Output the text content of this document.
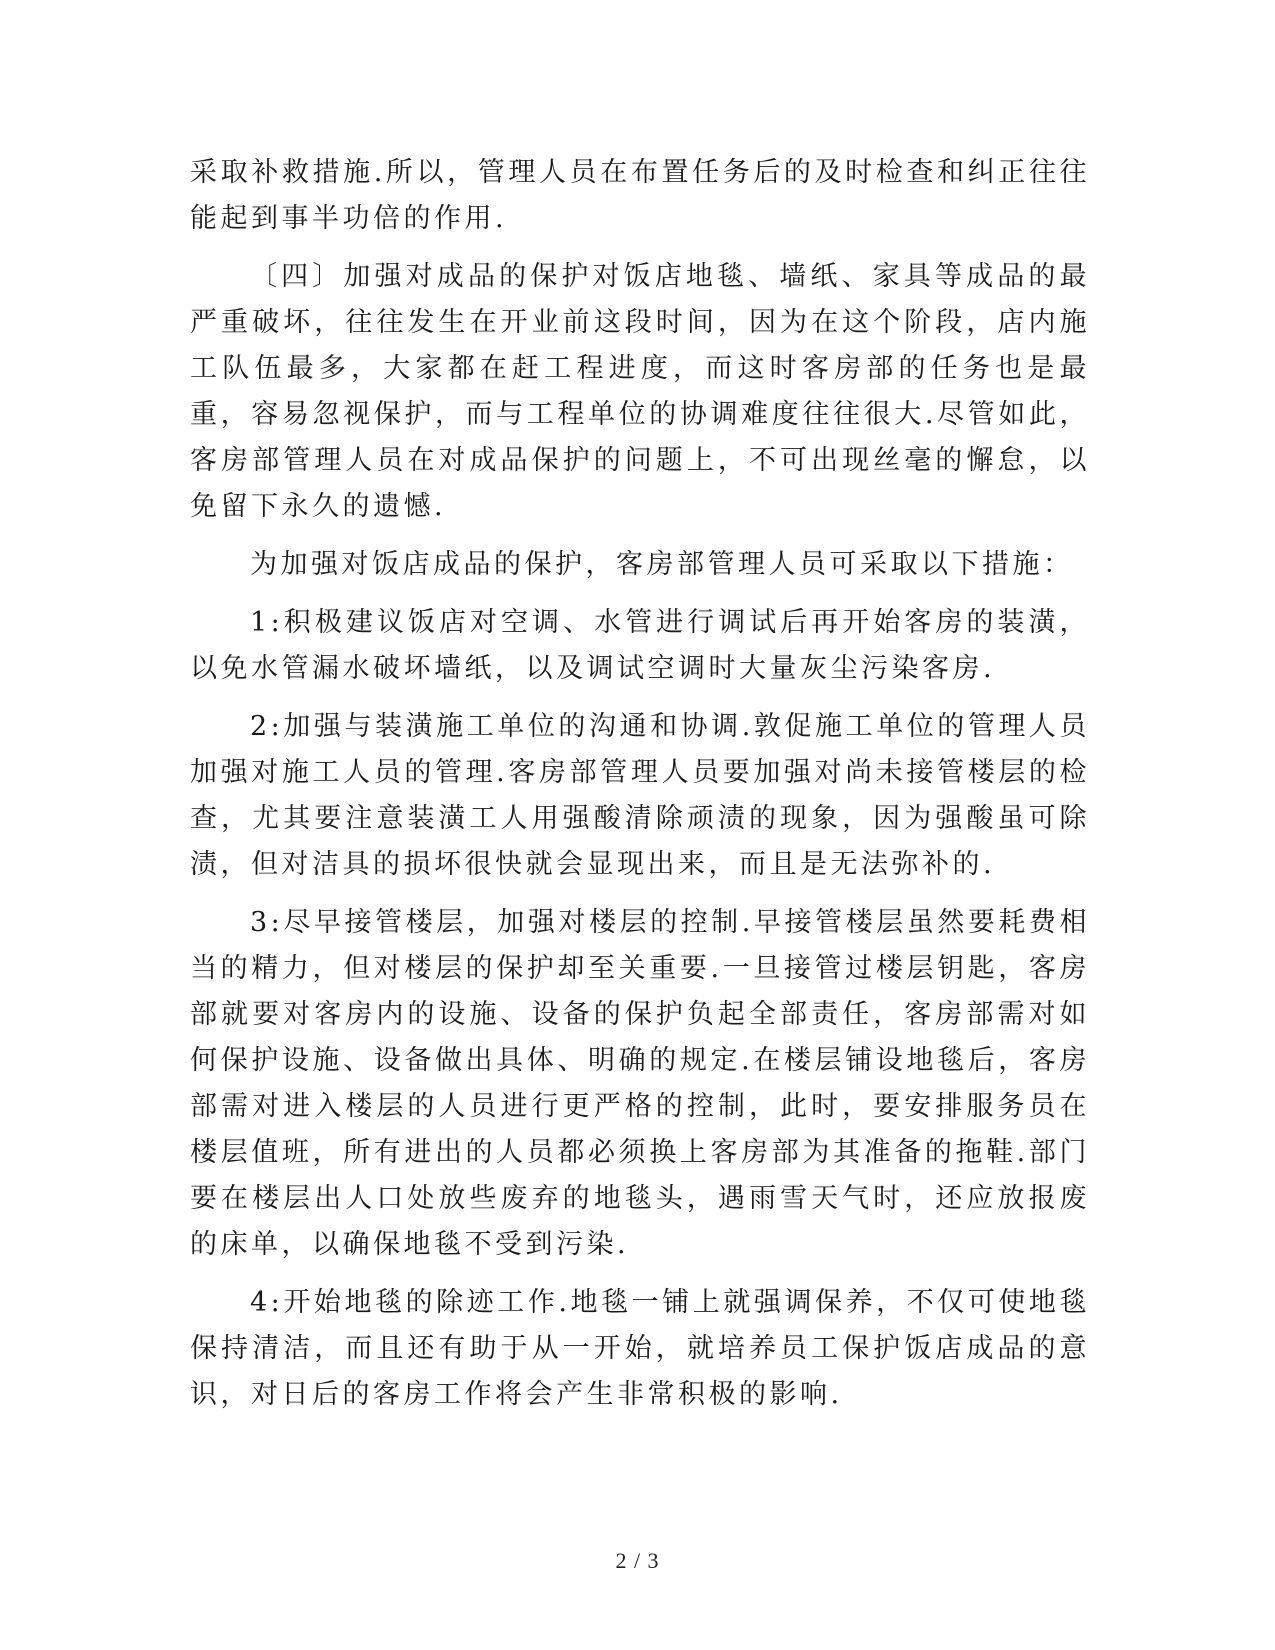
采取补救措施.所以，管理人员在布置任务后的及时检查和纠正往往能起到事半功倍的作用.

〔四〕加强对成品的保护对饭店地毯、墙纸、家具等成品的最严重破坏，往往发生在开业前这段时间，因为在这个阶段，店内施工队伍最多，大家都在赶工程进度，而这时客房部的任务也是最重，容易忽视保护，而与工程单位的协调难度往往很大.尽管如此，客房部管理人员在对成品保护的问题上，不可出现丝毫的懈怠，以免留下永久的遗憾.

为加强对饭店成品的保护，客房部管理人员可采取以下措施：

1:积极建议饭店对空调、水管进行调试后再开始客房的装潢，以免水管漏水破坏墙纸，以及调试空调时大量灰尘污染客房.

2:加强与装潢施工单位的沟通和协调.敦促施工单位的管理人员加强对施工人员的管理.客房部管理人员要加强对尚未接管楼层的检查，尤其要注意装潢工人用强酸清除顽渍的现象，因为强酸虽可除渍，但对洁具的损坏很快就会显现出来，而且是无法弥补的.

3:尽早接管楼层，加强对楼层的控制.早接管楼层虽然要耗费相当的精力，但对楼层的保护却至关重要.一旦接管过楼层钥匙，客房部就要对客房内的设施、设备的保护负起全部责任，客房部需对如何保护设施、设备做出具体、明确的规定.在楼层铺设地毯后，客房部需对进入楼层的人员进行更严格的控制，此时，要安排服务员在楼层值班，所有进出的人员都必须换上客房部为其准备的拖鞋.部门要在楼层出人口处放些废弃的地毯头，遇雨雪天气时，还应放报废的床单，以确保地毯不受到污染.

4:开始地毯的除迹工作.地毯一铺上就强调保养，不仅可使地毯保持清洁，而且还有助于从一开始，就培养员工保护饭店成品的意识，对日后的客房工作将会产生非常积极的影响.

2 / 3
